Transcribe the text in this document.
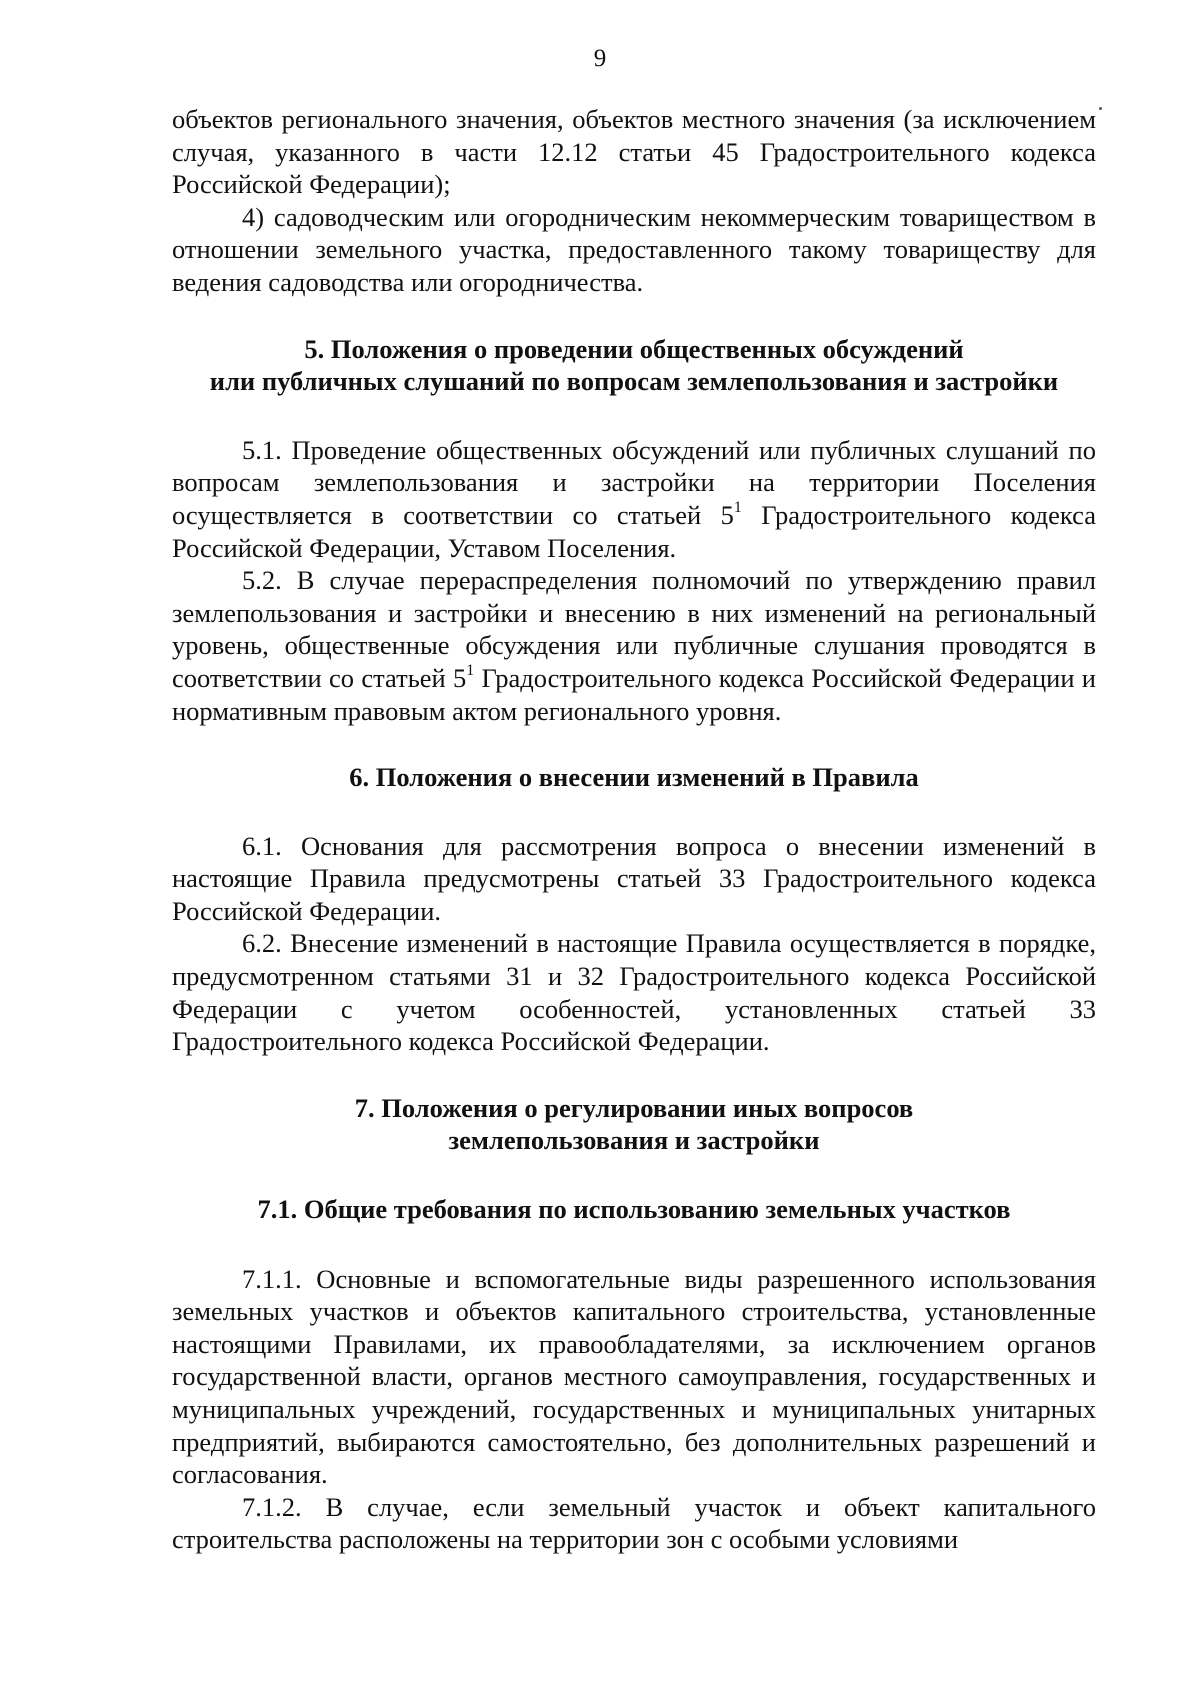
9

объектов регионального значения, объектов местного значения (за исключением случая, указанного в части 12.12 статьи 45 Градостроительного кодекса Российской Федерации);

4) садоводческим или огородническим некоммерческим товариществом в отношении земельного участка, предоставленного такому товариществу для ведения садоводства или огородничества.

5. Положения о проведении общественных обсуждений

или публичных слушаний по вопросам землепользования и застройки

5.1. Проведение общественных обсуждений или публичных слушаний по вопросам землепользования и застройки на территории Поселения осуществляется в соответствии со статьей $5^1$ Градостроительного кодекса Российской Федерации, Уставом Поселения.

5.2. В случае перераспределения полномочий по утверждению правил землепользования и застройки и внесению в них изменений на региональный уровень, общественные обсуждения или публичные слушания проводятся в соответствии со статьей $5^1$ Градостроительного кодекса Российской Федерации и нормативным правовым актом регионального уровня.

6. Положения о внесении изменений в Правила

6.1. Основания для рассмотрения вопроса о внесении изменений в настоящие Правила предусмотрены статьей 33 Градостроительного кодекса Российской Федерации.

6.2. Внесение изменений в настоящие Правила осуществляется в порядке, предусмотренном статьями 31 и 32 Градостроительного кодекса Российской Федерации с учетом особенностей, установленных статьей 33 Градостроительного кодекса Российской Федерации.

7. Положения о регулировании иных вопросов

землепользования и застройки

7.1. Общие требования по использованию земельных участков

7.1.1. Основные и вспомогательные виды разрешенного использования земельных участков и объектов капитального строительства, установленные настоящими Правилами, их правообладателями, за исключением органов государственной власти, органов местного самоуправления, государственных и муниципальных учреждений, государственных и муниципальных унитарных предприятий, выбираются самостоятельно, без дополнительных разрешений и согласования.

7.1.2. В случае, если земельный участок и объект капитального строительства расположены на территории зон с особыми условиями
